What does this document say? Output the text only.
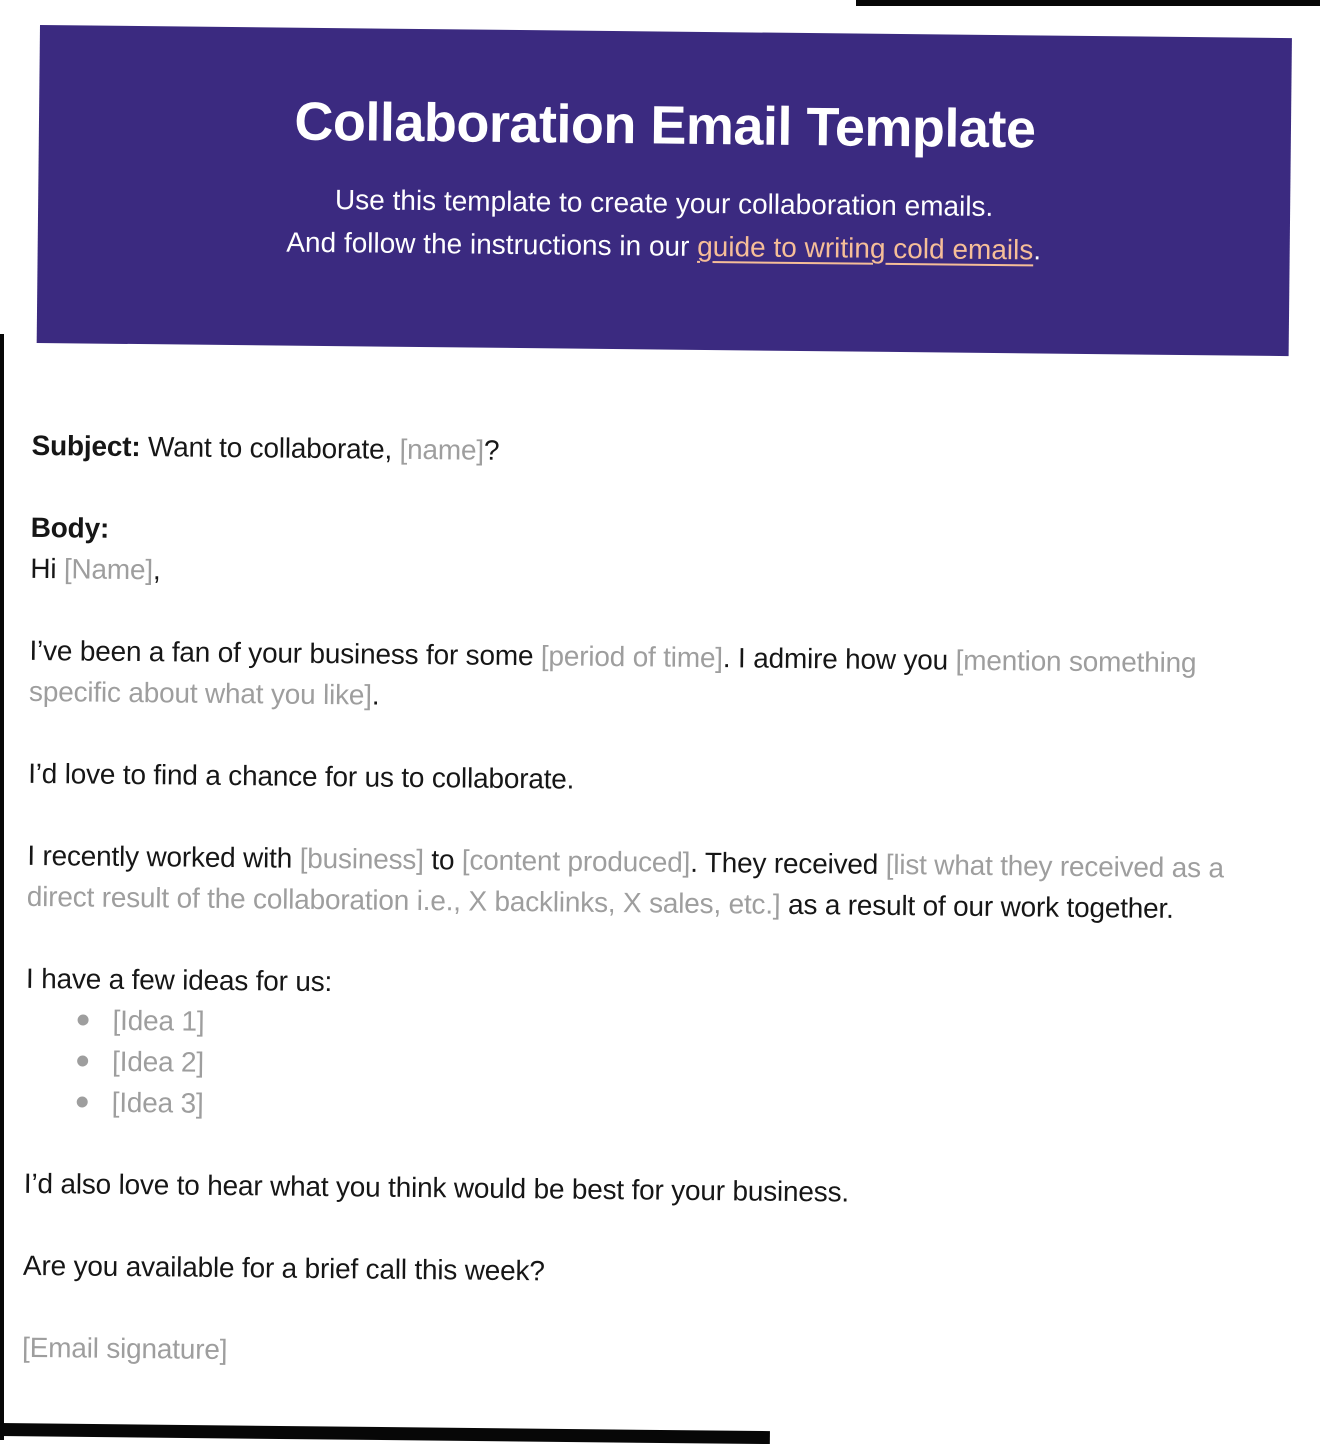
Collaboration Email Template
Use this template to create your collaboration emails.
And follow the instructions in our guide to writing cold emails.

Subject: Want to collaborate, [name]?

Body:

Hi [Name],

I’ve been a fan of your business for some [period of time]. I admire how you [mention something specific about what you like].

I’d love to find a chance for us to collaborate.

I recently worked with [business] to [content produced]. They received [list what they received as a direct result of the collaboration i.e., X backlinks, X sales, etc.] as a result of our work together.

I have a few ideas for us:

[Idea 1]
[Idea 2]
[Idea 3]

I’d also love to hear what you think would be best for your business.

Are you available for a brief call this week?

[Email signature]
